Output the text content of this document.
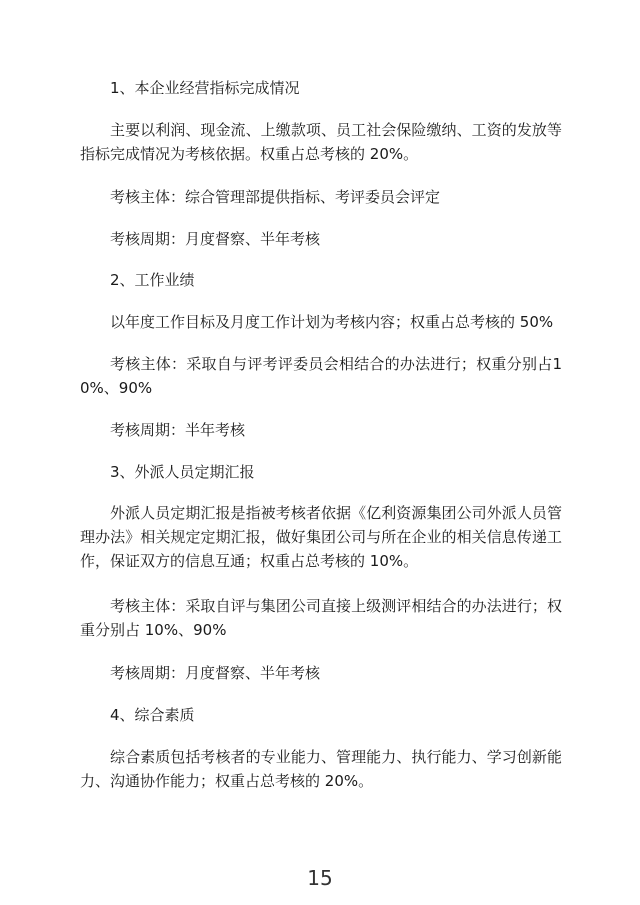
1、本企业经营指标完成情况

主要以利润、现金流、上缴款项、员工社会保险缴纳、工资的发放等指标完成情况为考核依据。权重占总考核的 20%。

考核主体：综合管理部提供指标、考评委员会评定

考核周期：月度督察、半年考核

2、工作业绩

以年度工作目标及月度工作计划为考核内容；权重占总考核的 50%

考核主体：采取自与评考评委员会相结合的办法进行；权重分别占10%、90%

考核周期：半年考核

3、外派人员定期汇报

外派人员定期汇报是指被考核者依据《亿利资源集团公司外派人员管理办法》相关规定定期汇报，做好集团公司与所在企业的相关信息传递工作，保证双方的信息互通；权重占总考核的 10%。

考核主体：采取自评与集团公司直接上级测评相结合的办法进行；权重分别占 10%、90%

考核周期：月度督察、半年考核

4、综合素质

综合素质包括考核者的专业能力、管理能力、执行能力、学习创新能力、沟通协作能力；权重占总考核的 20%。

15
